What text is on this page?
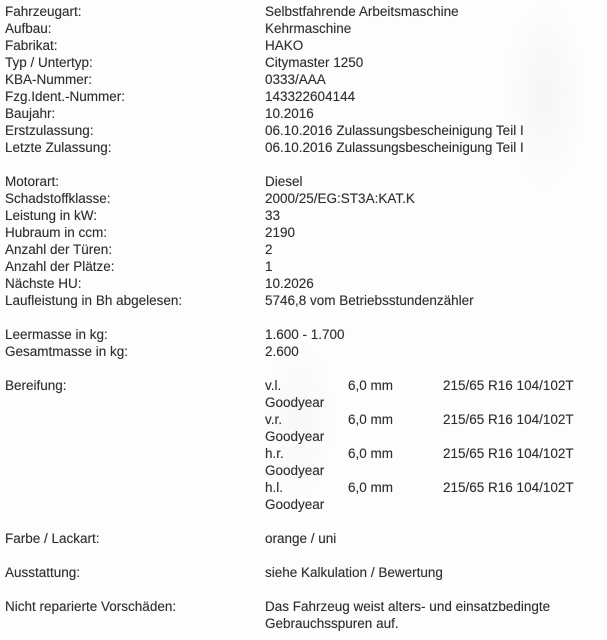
Fahrzeugart:	Selbstfahrende Arbeitsmaschine
Aufbau:	Kehrmaschine
Fabrikat:	HAKO
Typ / Untertyp:	Citymaster 1250
KBA-Nummer:	0333/AAA
Fzg.Ident.-Nummer:	143322604144
Baujahr:	10.2016
Erstzulassung:	06.10.2016 Zulassungsbescheinigung Teil I
Letzte Zulassung:	06.10.2016 Zulassungsbescheinigung Teil I
Motorart:	Diesel
Schadstoffklasse:	2000/25/EG:ST3A:KAT.K
Leistung in kW:	33
Hubraum in ccm:	2190
Anzahl der Türen:	2
Anzahl der Plätze:	1
Nächste HU:	10.2026
Laufleistung in Bh abgelesen:	5746,8 vom Betriebsstundenzähler
Leermasse in kg:	1.600 - 1.700
Gesamtmasse in kg:	2.600
Bereifung:	v.l.	6,0 mm	215/65 R16 104/102T
Goodyear
v.r.	6,0 mm	215/65 R16 104/102T
Goodyear
h.r.	6,0 mm	215/65 R16 104/102T
Goodyear
h.l.	6,0 mm	215/65 R16 104/102T
Goodyear
Farbe / Lackart:	orange / uni
Ausstattung:	siehe Kalkulation / Bewertung
Nicht reparierte Vorschäden:	Das Fahrzeug weist alters- und einsatzbedingte
Gebrauchsspuren auf.
